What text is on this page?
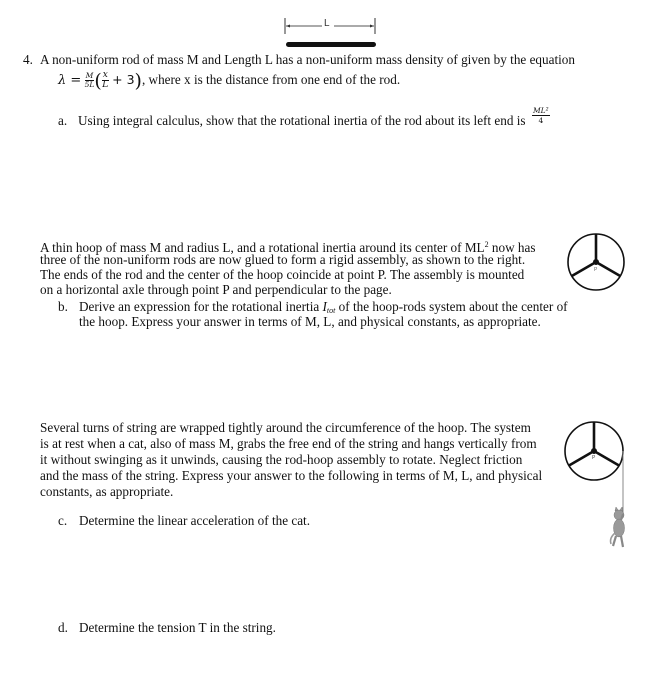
L
4. A non-uniform rod of mass M and Length L has a non-uniform mass density of given by the equation
$\lambda = \frac{M}{5L}$ ( $\frac{x}{L} + 3$), where x is the distance from one end of the rod.
a. Using integral calculus, show that the rotational inertia of the rod about its left end is $\frac{\text{ML²}}{4}$
A thin hoop of mass M and radius L, and a rotational inertia around its center of $ML^2$ now has
three of the non-uniform rods are now glued to form a rigid assembly, as shown to the right.
The ends of the rod and the center of the hoop coincide at point P. The assembly is mounted
on a horizontal axle through point P and perpendicular to the page.
P
b. Derive an expression for the rotational inertia $I_{tot}$ of the hoop-rods system about the center of
the hoop. Express your answer in terms of M, L, and physical constants, as appropriate.
Several turns of string are wrapped tightly around the circumference of the hoop. The system
is at rest when a cat, also of mass M, grabs the free end of the string and hangs vertically from
it without swinging as it unwinds, causing the rod-hoop assembly to rotate. Neglect friction
and the mass of the string. Express your answer to the following in terms of M, L, and physical
constants, as appropriate.
P
c. Determine the linear acceleration of the cat.
d. Determine the tension T in the string.
